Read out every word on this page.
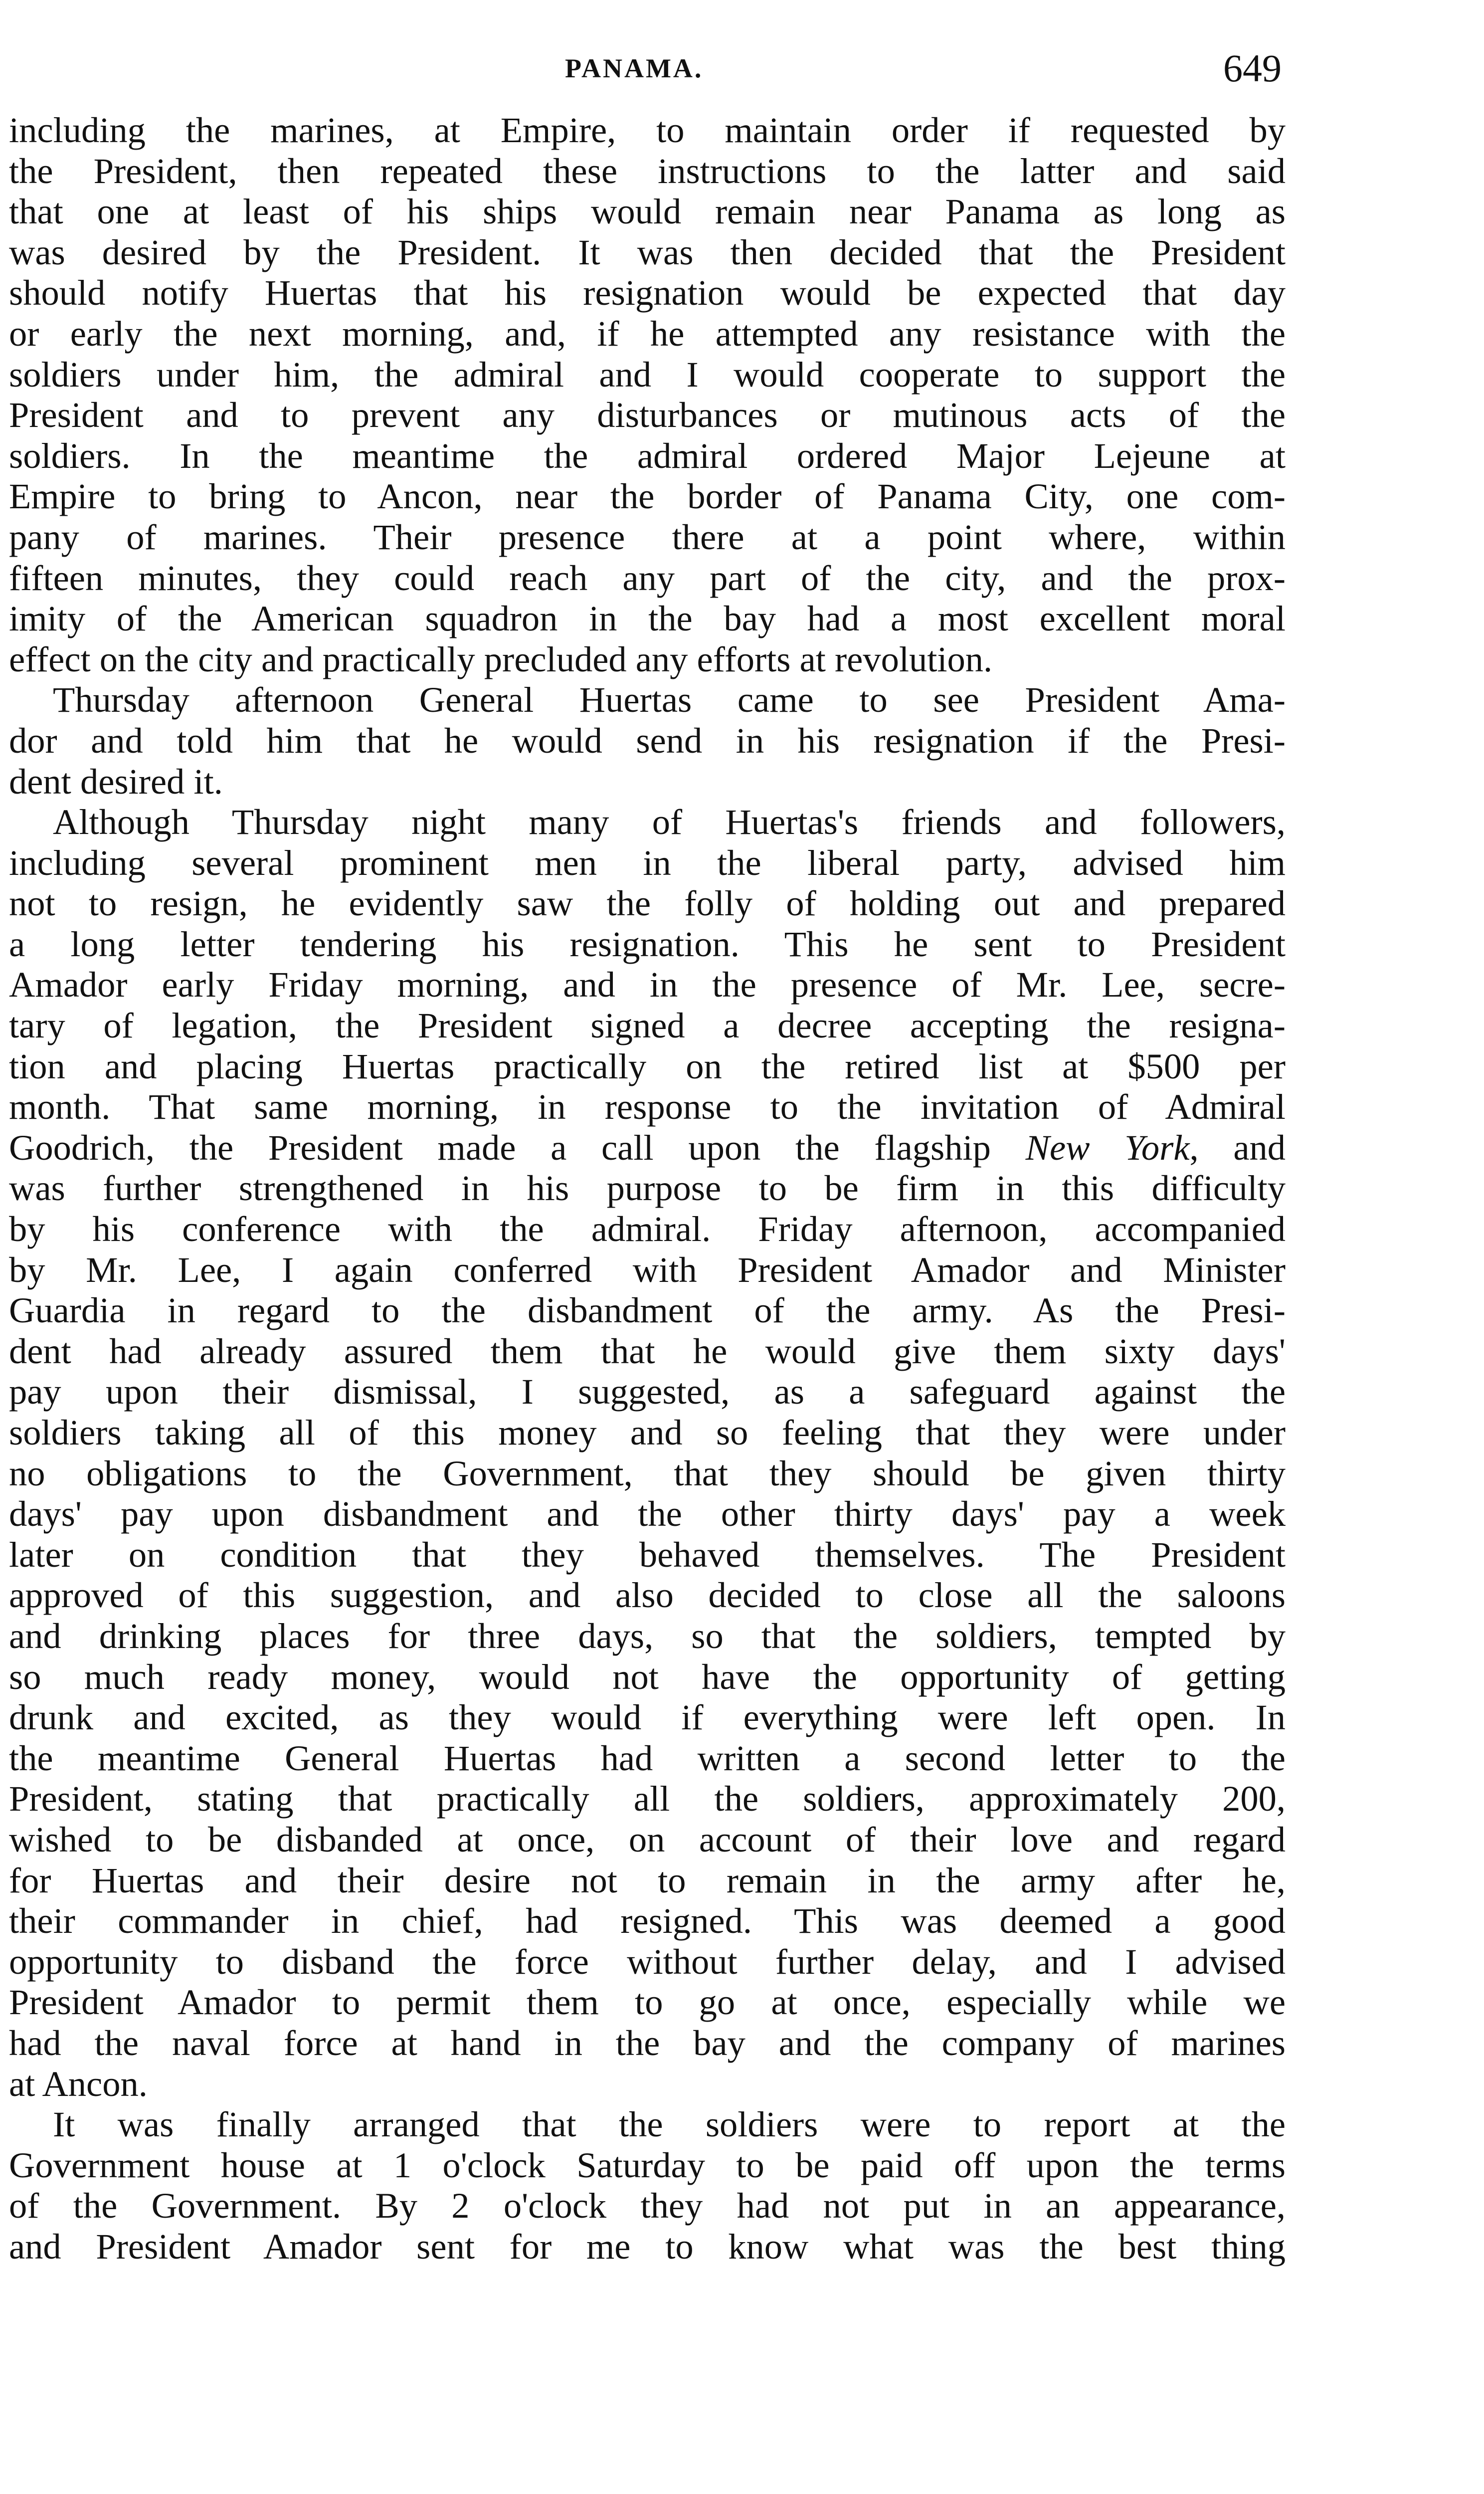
PANAMA.	649
including the marines, at Empire, to maintain order if requested by
the President, then repeated these instructions to the latter and said
that one at least of his ships would remain near Panama as long as
was desired by the President. It was then decided that the President
should notify Huertas that his resignation would be expected that day
or early the next morning, and, if he attempted any resistance with the
soldiers under him, the admiral and I would cooperate to support the
President and to prevent any disturbances or mutinous acts of the
soldiers. In the meantime the admiral ordered Major Lejeune at
Empire to bring to Ancon, near the border of Panama City, one com-
pany of marines. Their presence there at a point where, within
fifteen minutes, they could reach any part of the city, and the prox-
imity of the American squadron in the bay had a most excellent moral
effect on the city and practically precluded any efforts at revolution.
Thursday afternoon General Huertas came to see President Ama-
dor and told him that he would send in his resignation if the Presi-
dent desired it.
Although Thursday night many of Huertas's friends and followers,
including several prominent men in the liberal party, advised him
not to resign, he evidently saw the folly of holding out and prepared
a long letter tendering his resignation. This he sent to President
Amador early Friday morning, and in the presence of Mr. Lee, secre-
tary of legation, the President signed a decree accepting the resigna-
tion and placing Huertas practically on the retired list at $500 per
month. That same morning, in response to the invitation of Admiral
Goodrich, the President made a call upon the flagship New York, and
was further strengthened in his purpose to be firm in this difficulty
by his conference with the admiral. Friday afternoon, accompanied
by Mr. Lee, I again conferred with President Amador and Minister
Guardia in regard to the disbandment of the army. As the Presi-
dent had already assured them that he would give them sixty days'
pay upon their dismissal, I suggested, as a safeguard against the
soldiers taking all of this money and so feeling that they were under
no obligations to the Government, that they should be given thirty
days' pay upon disbandment and the other thirty days' pay a week
later on condition that they behaved themselves. The President
approved of this suggestion, and also decided to close all the saloons
and drinking places for three days, so that the soldiers, tempted by
so much ready money, would not have the opportunity of getting
drunk and excited, as they would if everything were left open. In
the meantime General Huertas had written a second letter to the
President, stating that practically all the soldiers, approximately 200,
wished to be disbanded at once, on account of their love and regard
for Huertas and their desire not to remain in the army after he,
their commander in chief, had resigned. This was deemed a good
opportunity to disband the force without further delay, and I advised
President Amador to permit them to go at once, especially while we
had the naval force at hand in the bay and the company of marines
at Ancon.
It was finally arranged that the soldiers were to report at the
Government house at 1 o'clock Saturday to be paid off upon the terms
of the Government. By 2 o'clock they had not put in an appearance,
and President Amador sent for me to know what was the best thing
